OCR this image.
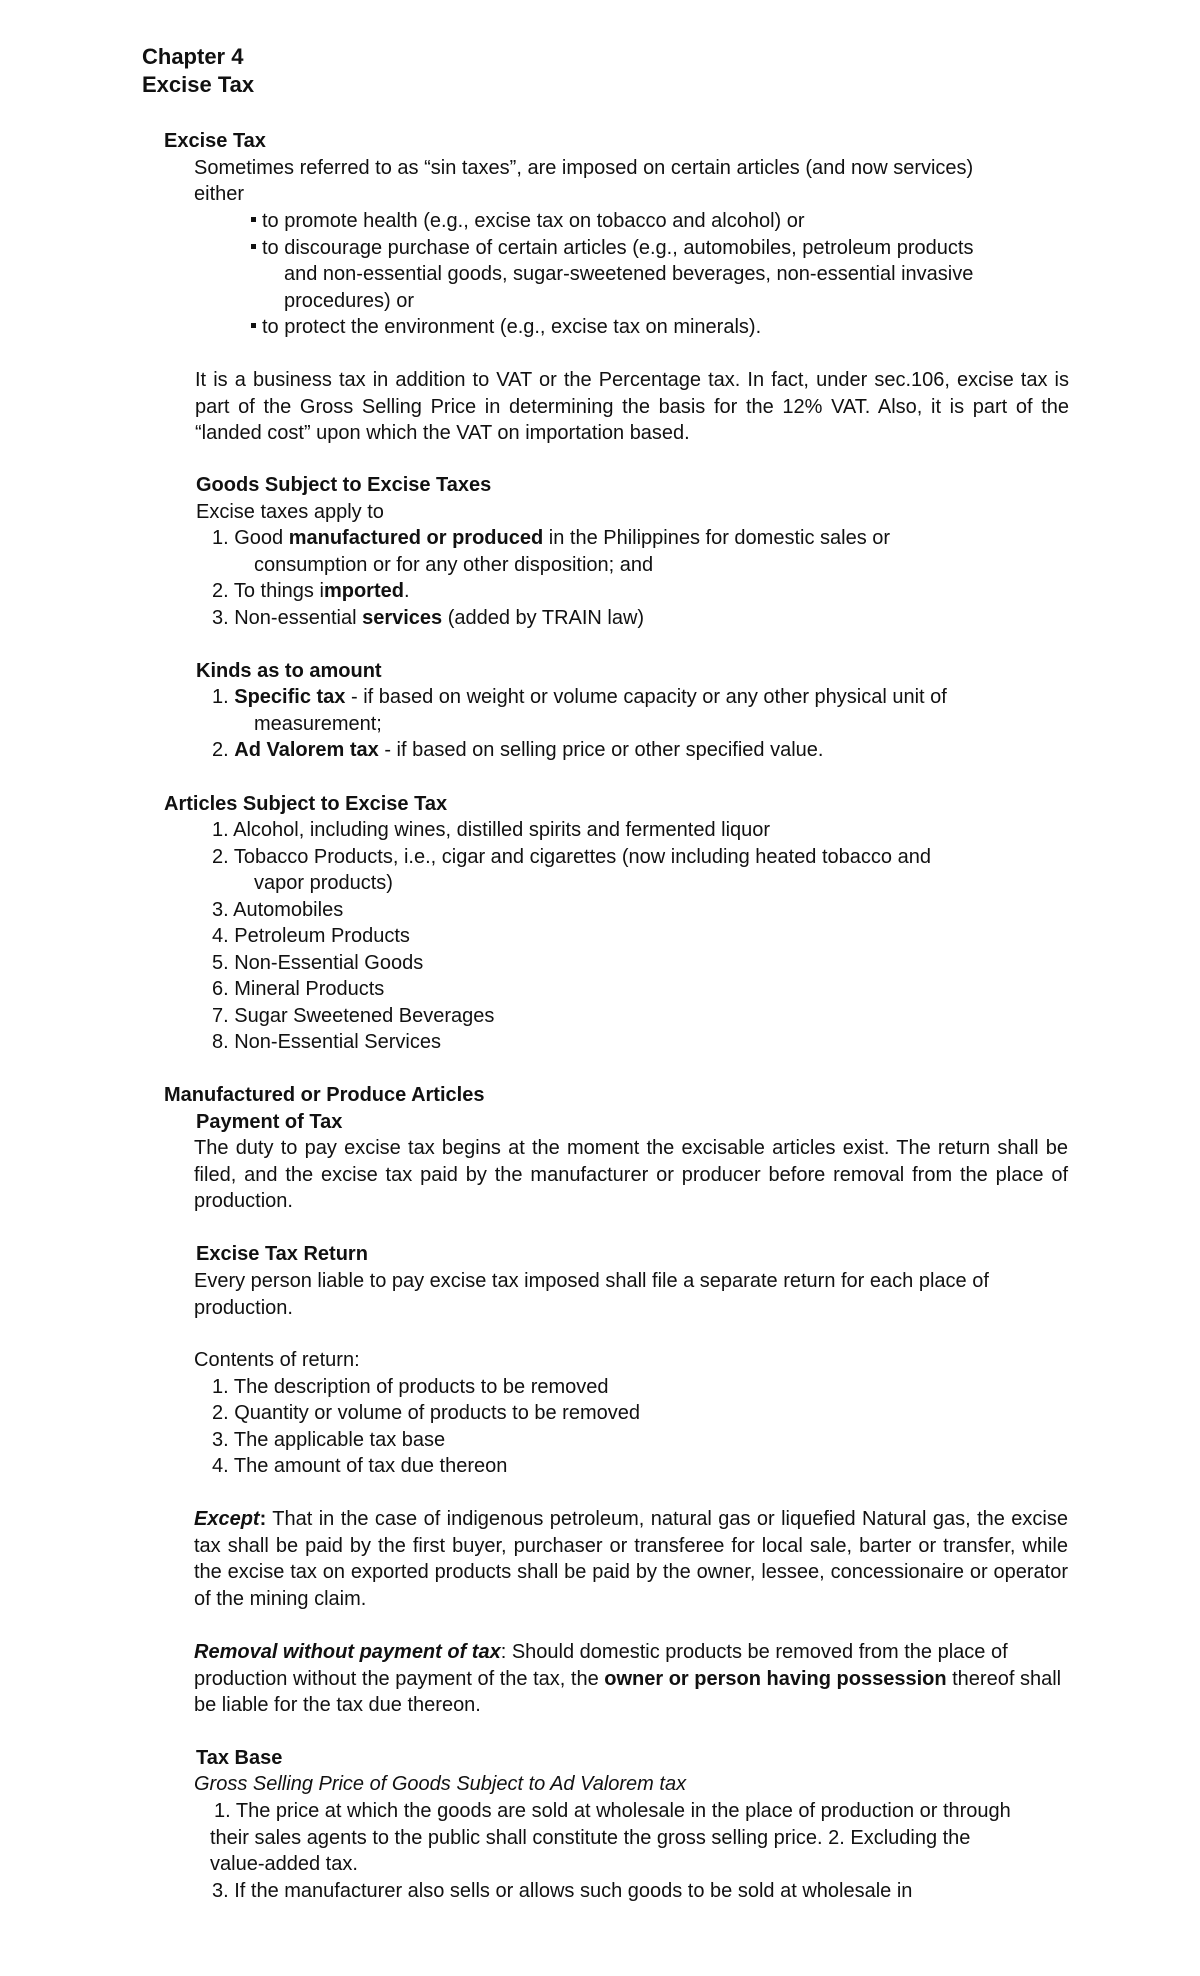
Chapter 4
Excise Tax
Excise Tax
Sometimes referred to as “sin taxes”, are imposed on certain articles (and now services)
either
to promote health (e.g., excise tax on tobacco and alcohol) or
to discourage purchase of certain articles (e.g., automobiles, petroleum products
and non-essential goods, sugar-sweetened beverages, non-essential invasive
procedures) or
to protect the environment (e.g., excise tax on minerals).
It is a business tax in addition to VAT or the Percentage tax. In fact, under sec.106, excise tax is part of the Gross Selling Price in determining the basis for the 12% VAT. Also, it is part of the “landed cost” upon which the VAT on importation based.
Goods Subject to Excise Taxes
Excise taxes apply to
1. Good manufactured or produced in the Philippines for domestic sales or
consumption or for any other disposition; and
2. To things imported.
3. Non-essential services (added by TRAIN law)
Kinds as to amount
1. Specific tax - if based on weight or volume capacity or any other physical unit of
measurement;
2. Ad Valorem tax - if based on selling price or other specified value.
Articles Subject to Excise Tax
1. Alcohol, including wines, distilled spirits and fermented liquor
2. Tobacco Products, i.e., cigar and cigarettes (now including heated tobacco and
vapor products)
3. Automobiles
4. Petroleum Products
5. Non-Essential Goods
6. Mineral Products
7. Sugar Sweetened Beverages
8. Non-Essential Services
Manufactured or Produce Articles
Payment of Tax
The duty to pay excise tax begins at the moment the excisable articles exist. The return shall be filed, and the excise tax paid by the manufacturer or producer before removal from the place of production.
Excise Tax Return
Every person liable to pay excise tax imposed shall file a separate return for each place of production.
Contents of return:
1. The description of products to be removed
2. Quantity or volume of products to be removed
3. The applicable tax base
4. The amount of tax due thereon
Except: That in the case of indigenous petroleum, natural gas or liquefied Natural gas, the excise tax shall be paid by the first buyer, purchaser or transferee for local sale, barter or transfer, while the excise tax on exported products shall be paid by the owner, lessee, concessionaire or operator of the mining claim.
Removal without payment of tax: Should domestic products be removed from the place of production without the payment of the tax, the owner or person having possession thereof shall be liable for the tax due thereon.
Tax Base
Gross Selling Price of Goods Subject to Ad Valorem tax
1. The price at which the goods are sold at wholesale in the place of production or through their sales agents to the public shall constitute the gross selling price. 2. Excluding the value-added tax.
3. If the manufacturer also sells or allows such goods to be sold at wholesale in
